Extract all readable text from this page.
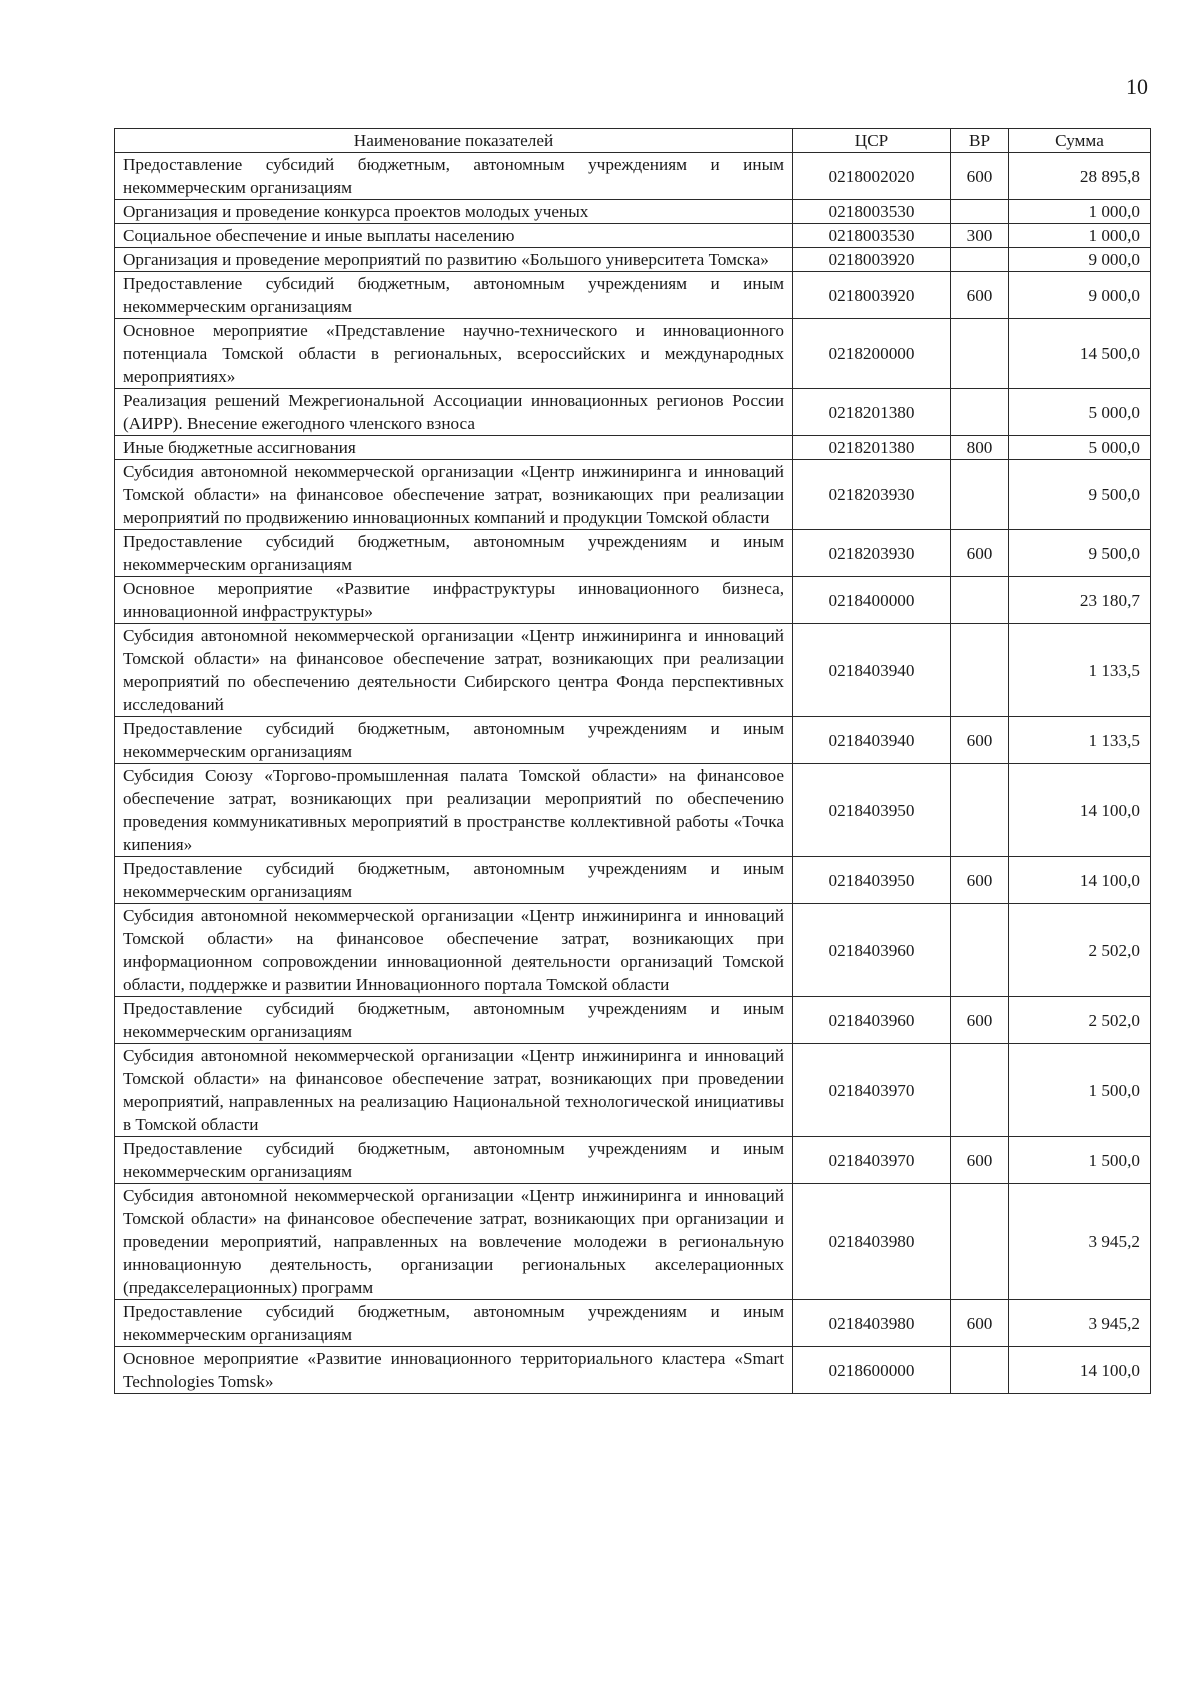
10
Наименование показателей	ЦСР	ВР	Сумма
Предоставление субсидий бюджетным, автономным учреждениям и иным некоммерческим организациям	0218002020	600	28 895,8
Организация и проведение конкурса проектов молодых ученых	0218003530		1 000,0
Социальное обеспечение и иные выплаты населению	0218003530	300	1 000,0
Организация и проведение мероприятий по развитию «Большого университета Томска»	0218003920		9 000,0
Предоставление субсидий бюджетным, автономным учреждениям и иным некоммерческим организациям	0218003920	600	9 000,0
Основное мероприятие «Представление научно-технического и инновационного потенциала Томской области в региональных, всероссийских и международных мероприятиях»	0218200000		14 500,0
Реализация решений Межрегиональной Ассоциации инновационных регионов России (АИРР). Внесение ежегодного членского взноса	0218201380		5 000,0
Иные бюджетные ассигнования	0218201380	800	5 000,0
Субсидия автономной некоммерческой организации «Центр инжиниринга и инноваций Томской области» на финансовое обеспечение затрат, возникающих при реализации мероприятий по продвижению инновационных компаний и продукции Томской области	0218203930		9 500,0
Предоставление субсидий бюджетным, автономным учреждениям и иным некоммерческим организациям	0218203930	600	9 500,0
Основное мероприятие «Развитие инфраструктуры инновационного бизнеса, инновационной инфраструктуры»	0218400000		23 180,7
Субсидия автономной некоммерческой организации «Центр инжиниринга и инноваций Томской области» на финансовое обеспечение затрат, возникающих при реализации мероприятий по обеспечению деятельности Сибирского центра Фонда перспективных исследований	0218403940		1 133,5
Предоставление субсидий бюджетным, автономным учреждениям и иным некоммерческим организациям	0218403940	600	1 133,5
Субсидия Союзу «Торгово-промышленная палата Томской области» на финансовое обеспечение затрат, возникающих при реализации мероприятий по обеспечению проведения коммуникативных мероприятий в пространстве коллективной работы «Точка кипения»	0218403950		14 100,0
Предоставление субсидий бюджетным, автономным учреждениям и иным некоммерческим организациям	0218403950	600	14 100,0
Субсидия автономной некоммерческой организации «Центр инжиниринга и инноваций Томской области» на финансовое обеспечение затрат, возникающих при информационном сопровождении инновационной деятельности организаций Томской области, поддержке и развитии Инновационного портала Томской области	0218403960		2 502,0
Предоставление субсидий бюджетным, автономным учреждениям и иным некоммерческим организациям	0218403960	600	2 502,0
Субсидия автономной некоммерческой организации «Центр инжиниринга и инноваций Томской области» на финансовое обеспечение затрат, возникающих при проведении мероприятий, направленных на реализацию Национальной технологической инициативы в Томской области	0218403970		1 500,0
Предоставление субсидий бюджетным, автономным учреждениям и иным некоммерческим организациям	0218403970	600	1 500,0
Субсидия автономной некоммерческой организации «Центр инжиниринга и инноваций Томской области» на финансовое обеспечение затрат, возникающих при организации и проведении мероприятий, направленных на вовлечение молодежи в региональную инновационную деятельность, организации региональных акселерационных (предакселерационных) программ	0218403980		3 945,2
Предоставление субсидий бюджетным, автономным учреждениям и иным некоммерческим организациям	0218403980	600	3 945,2
Основное мероприятие «Развитие инновационного территориального кластера «Smart Technologies Tomsk»	0218600000		14 100,0
